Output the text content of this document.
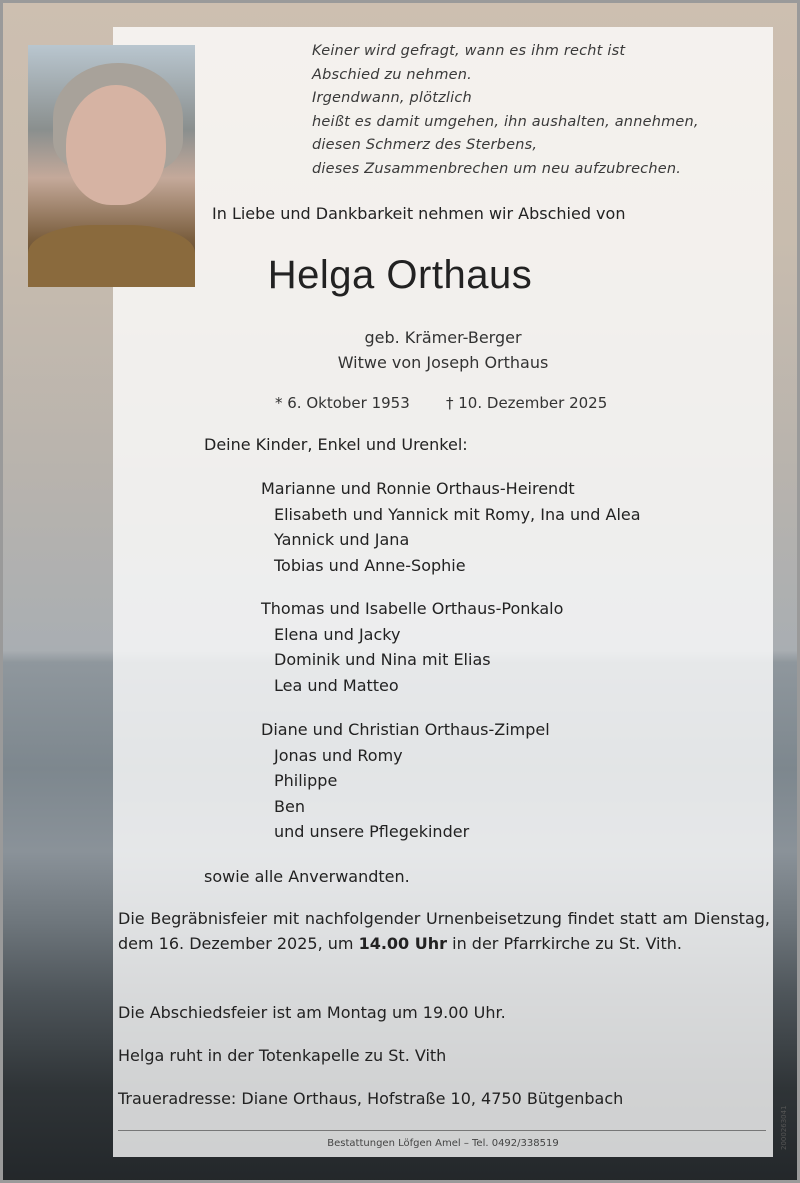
Keiner wird gefragt, wann es ihm recht ist
Abschied zu nehmen.
Irgendwann, plötzlich
heißt es damit umgehen, ihn aushalten, annehmen,
diesen Schmerz des Sterbens,
dieses Zusammenbrechen um neu aufzubrechen.
In Liebe und Dankbarkeit nehmen wir Abschied von
Helga Orthaus
geb. Krämer-Berger
Witwe von Joseph Orthaus
* 6. Oktober 1953 † 10. Dezember 2025
Deine Kinder, Enkel und Urenkel:
Marianne und Ronnie Orthaus-Heirendt
Elisabeth und Yannick mit Romy, Ina und Alea
Yannick und Jana
Tobias und Anne-Sophie
Thomas und Isabelle Orthaus-Ponkalo
Elena und Jacky
Dominik und Nina mit Elias
Lea und Matteo
Diane und Christian Orthaus-Zimpel
Jonas und Romy
Philippe
Ben
und unsere Pflegekinder
sowie alle Anverwandten.
Die Begräbnisfeier mit nachfolgender Urnenbeisetzung findet statt am Dienstag, dem 16. Dezember 2025, um 14.00 Uhr in der Pfarrkirche zu St. Vith.
Die Abschiedsfeier ist am Montag um 19.00 Uhr.
Helga ruht in der Totenkapelle zu St. Vith
Traueradresse: Diane Orthaus, Hofstraße 10, 4750 Bütgenbach
Bestattungen Löfgen Amel – Tel. 0492/338519	2000263041
